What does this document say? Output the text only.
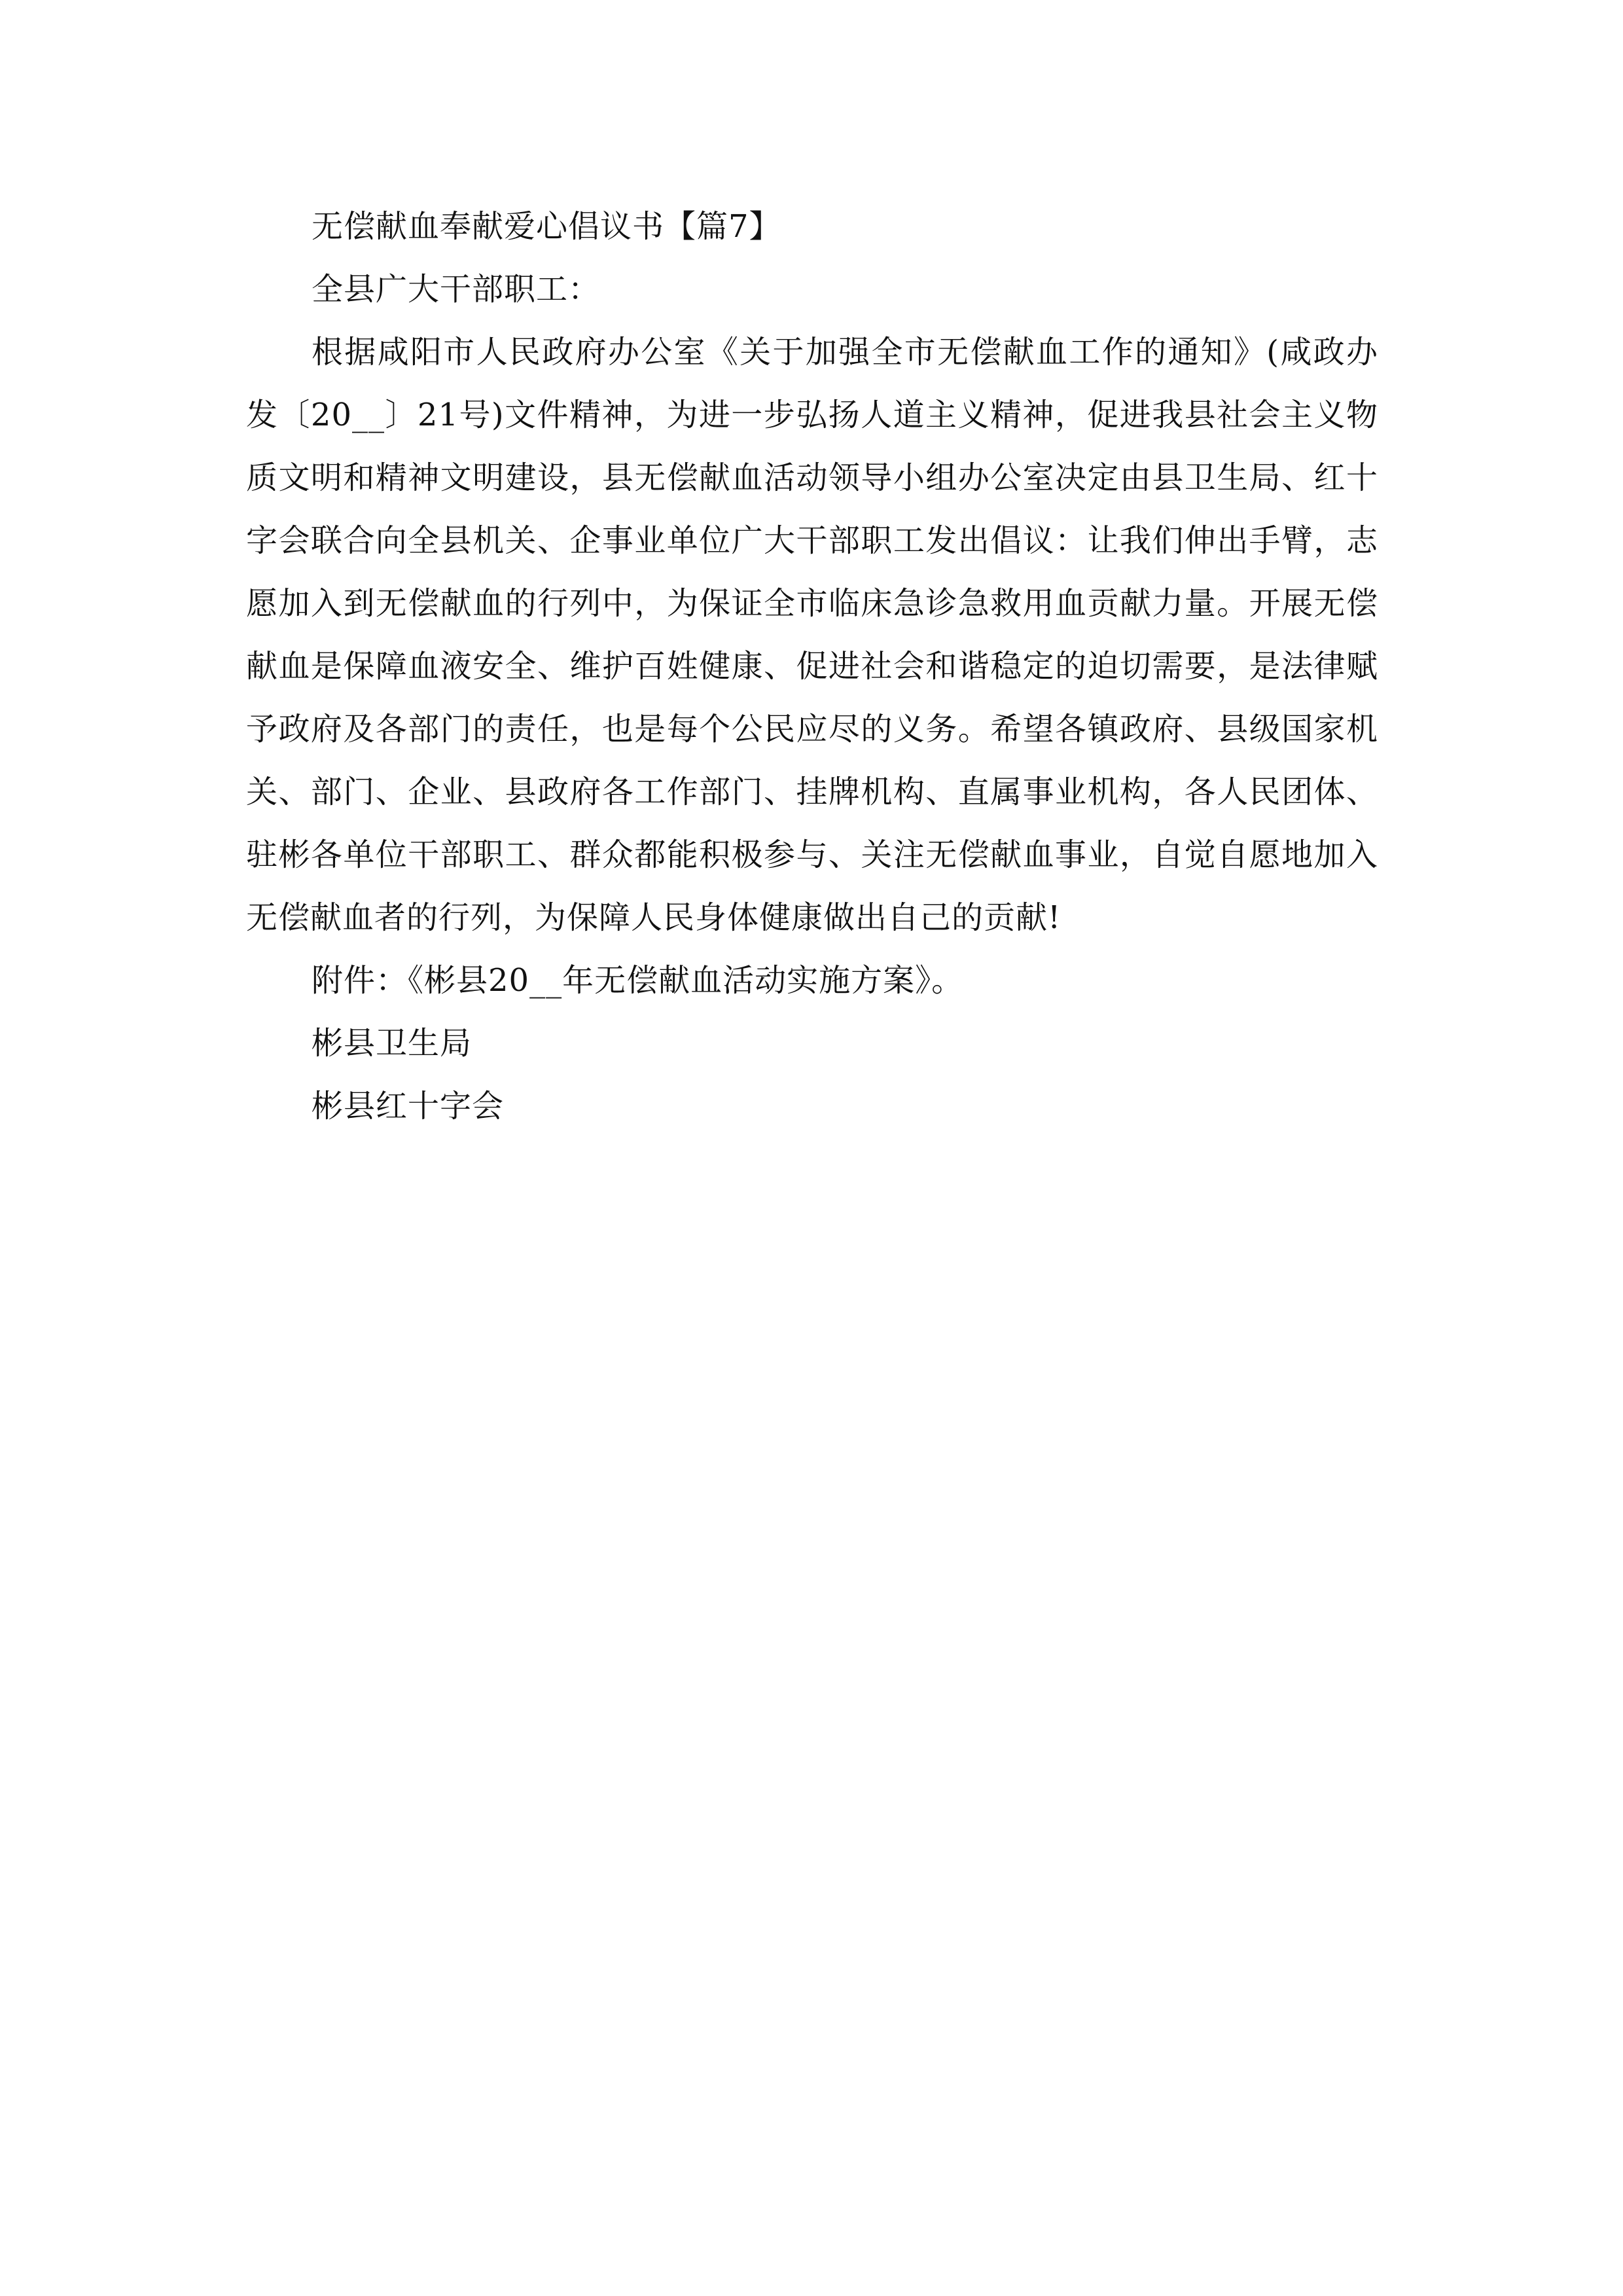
无偿献血奉献爱心倡议书【篇7】

全县广大干部职工：

根据咸阳市人民政府办公室《关于加强全市无偿献血工作的通知》(咸政办发〔20__〕21号)文件精神，为进一步弘扬人道主义精神，促进我县社会主义物质文明和精神文明建设，县无偿献血活动领导小组办公室决定由县卫生局、红十字会联合向全县机关、企事业单位广大干部职工发出倡议：让我们伸出手臂，志愿加入到无偿献血的行列中，为保证全市临床急诊急救用血贡献力量。开展无偿献血是保障血液安全、维护百姓健康、促进社会和谐稳定的迫切需要，是法律赋予政府及各部门的责任，也是每个公民应尽的义务。希望各镇政府、县级国家机关、部门、企业、县政府各工作部门、挂牌机构、直属事业机构，各人民团体、驻彬各单位干部职工、群众都能积极参与、关注无偿献血事业，自觉自愿地加入无偿献血者的行列，为保障人民身体健康做出自己的贡献!

附件：《彬县20__年无偿献血活动实施方案》。

彬县卫生局

彬县红十字会
